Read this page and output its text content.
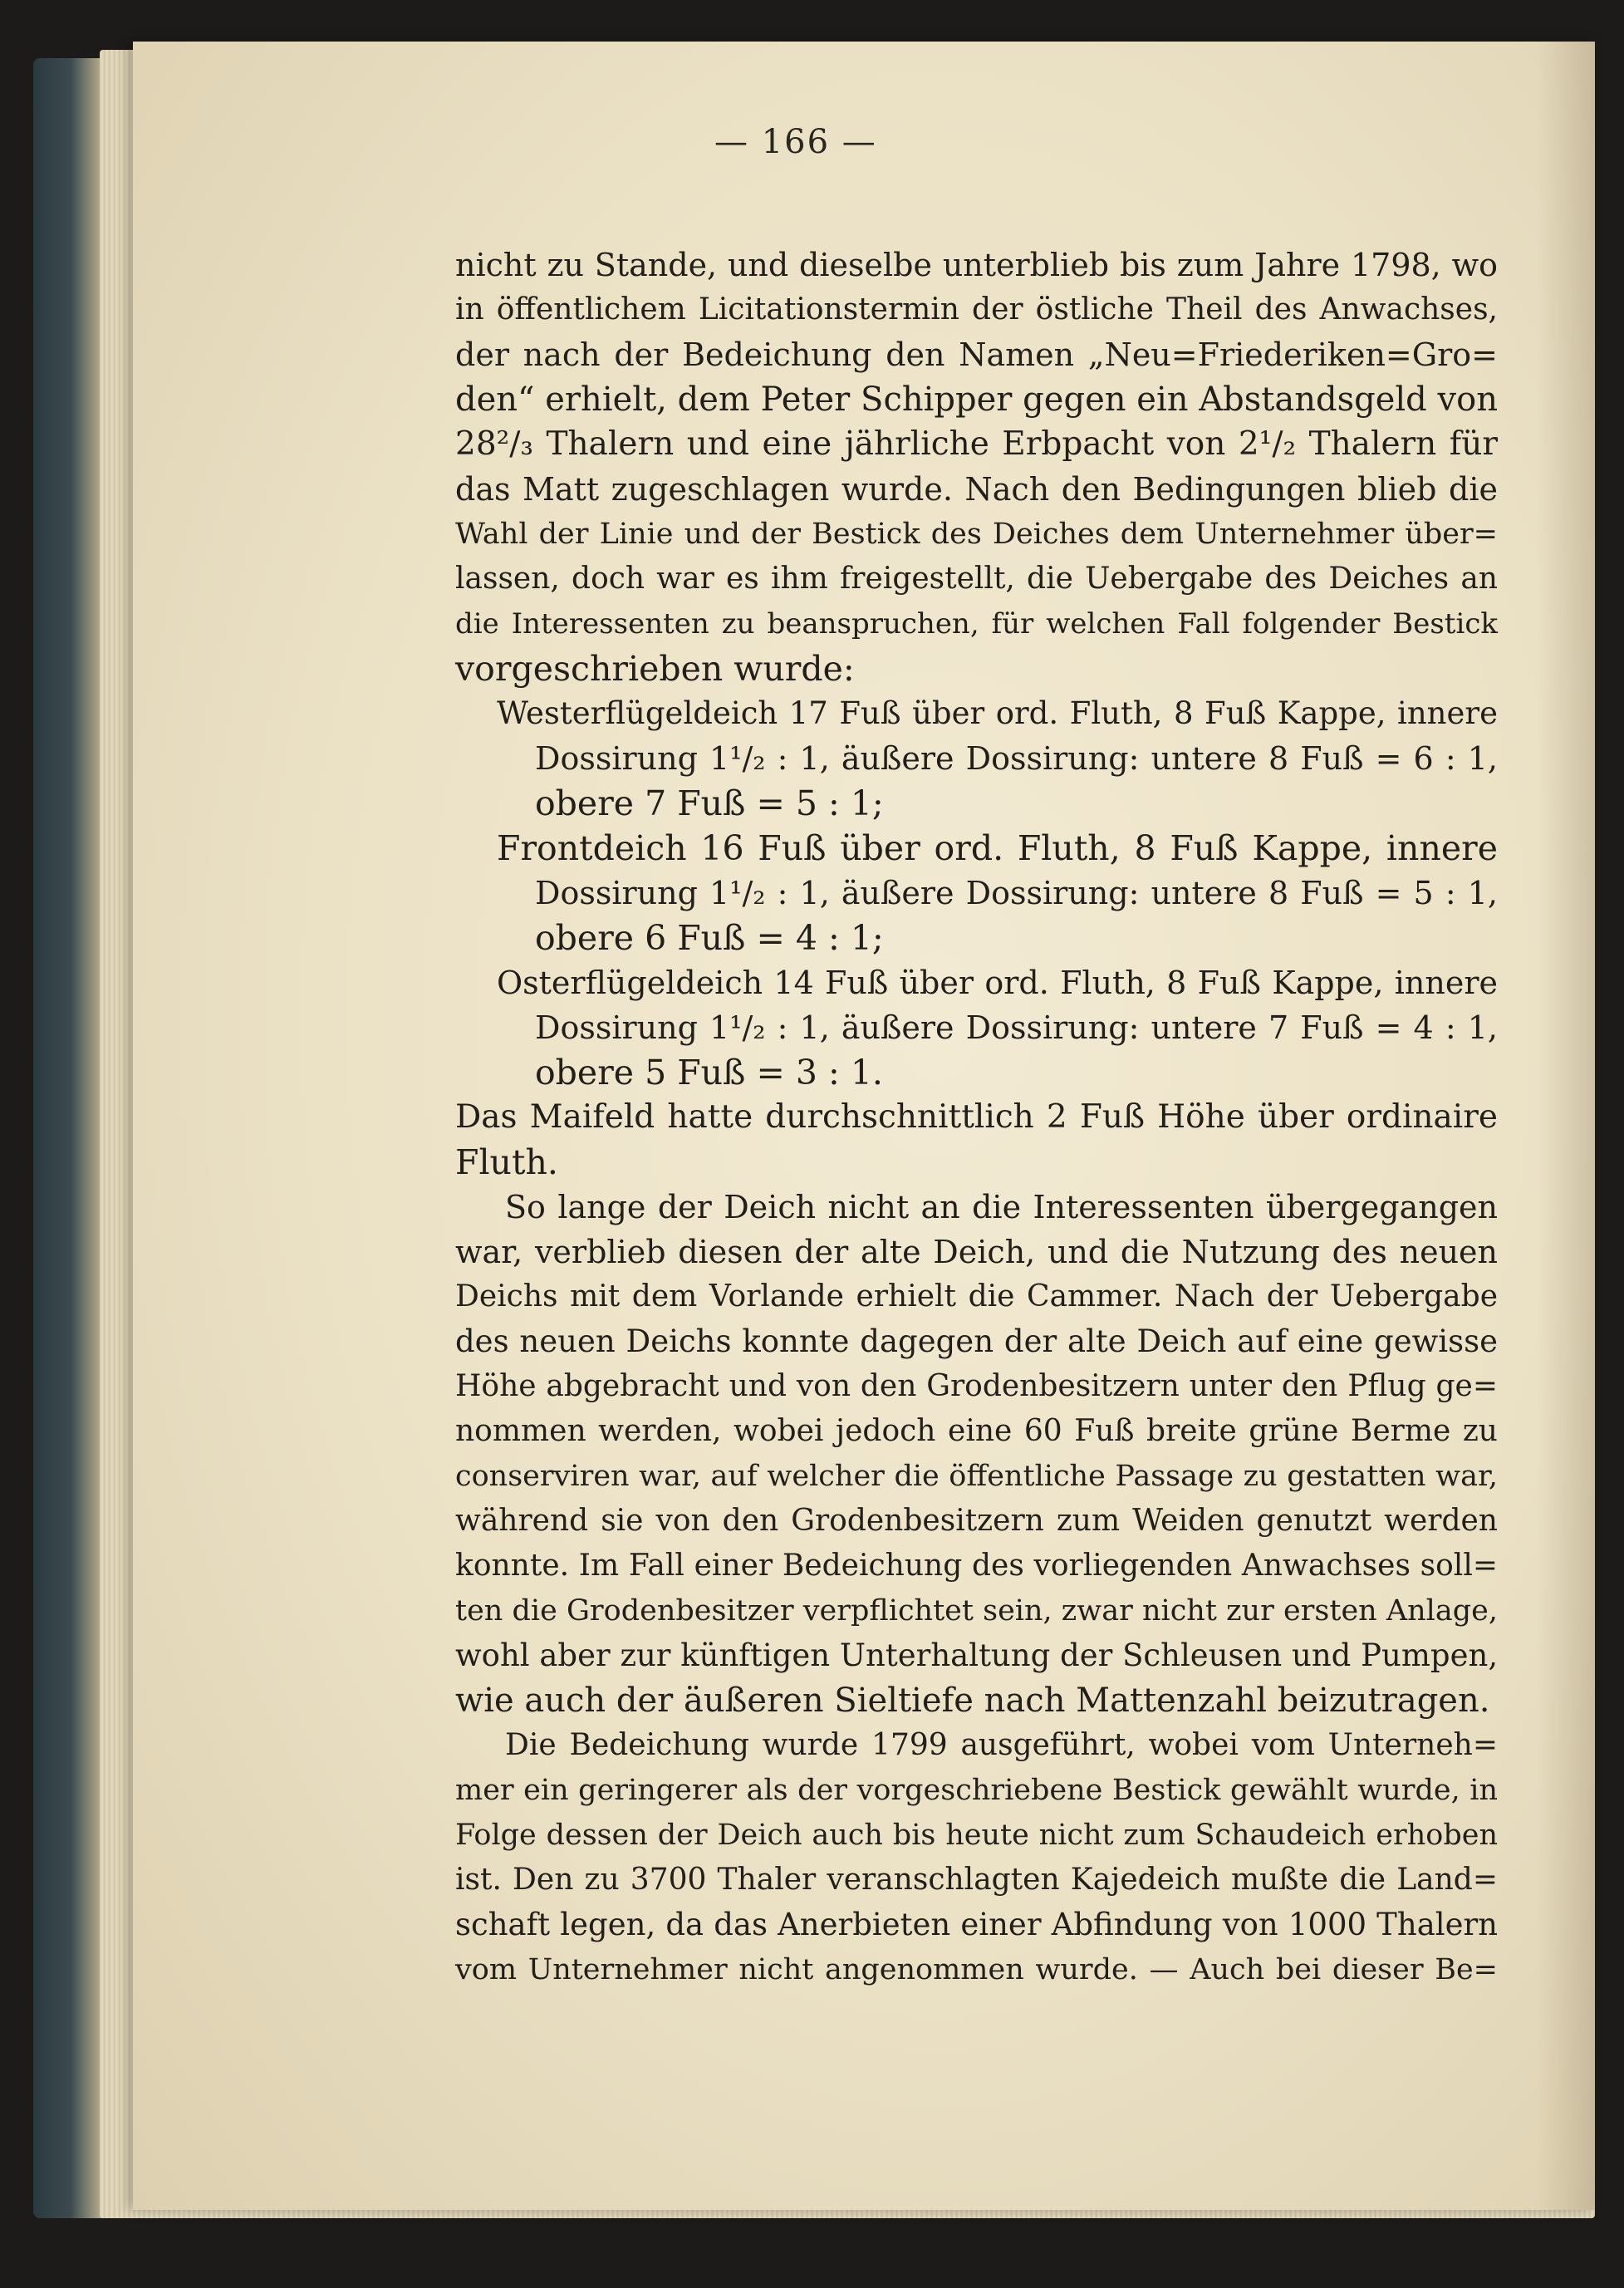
— 166 —
nicht zu Stande, und dieselbe unterblieb bis zum Jahre 1798, wo
in öffentlichem Licitationstermin der östliche Theil des Anwachses,
der nach der Bedeichung den Namen „Neu=Friederiken=Gro=
den“ erhielt, dem Peter Schipper gegen ein Abstandsgeld von
28²/₃ Thalern und eine jährliche Erbpacht von 2¹/₂ Thalern für
das Matt zugeschlagen wurde. Nach den Bedingungen blieb die
Wahl der Linie und der Bestick des Deiches dem Unternehmer über=
lassen, doch war es ihm freigestellt, die Uebergabe des Deiches an
die Interessenten zu beanspruchen, für welchen Fall folgender Bestick
vorgeschrieben wurde:
Westerflügeldeich 17 Fuß über ord. Fluth, 8 Fuß Kappe, innere
Dossirung 1¹/₂ : 1, äußere Dossirung: untere 8 Fuß = 6 : 1,
obere 7 Fuß = 5 : 1;
Frontdeich 16 Fuß über ord. Fluth, 8 Fuß Kappe, innere
Dossirung 1¹/₂ : 1, äußere Dossirung: untere 8 Fuß = 5 : 1,
obere 6 Fuß = 4 : 1;
Osterflügeldeich 14 Fuß über ord. Fluth, 8 Fuß Kappe, innere
Dossirung 1¹/₂ : 1, äußere Dossirung: untere 7 Fuß = 4 : 1,
obere 5 Fuß = 3 : 1.
Das Maifeld hatte durchschnittlich 2 Fuß Höhe über ordinaire
Fluth.
So lange der Deich nicht an die Interessenten übergegangen
war, verblieb diesen der alte Deich, und die Nutzung des neuen
Deichs mit dem Vorlande erhielt die Cammer. Nach der Uebergabe
des neuen Deichs konnte dagegen der alte Deich auf eine gewisse
Höhe abgebracht und von den Grodenbesitzern unter den Pflug ge=
nommen werden, wobei jedoch eine 60 Fuß breite grüne Berme zu
conserviren war, auf welcher die öffentliche Passage zu gestatten war,
während sie von den Grodenbesitzern zum Weiden genutzt werden
konnte. Im Fall einer Bedeichung des vorliegenden Anwachses soll=
ten die Grodenbesitzer verpflichtet sein, zwar nicht zur ersten Anlage,
wohl aber zur künftigen Unterhaltung der Schleusen und Pumpen,
wie auch der äußeren Sieltiefe nach Mattenzahl beizutragen.
Die Bedeichung wurde 1799 ausgeführt, wobei vom Unterneh=
mer ein geringerer als der vorgeschriebene Bestick gewählt wurde, in
Folge dessen der Deich auch bis heute nicht zum Schaudeich erhoben
ist. Den zu 3700 Thaler veranschlagten Kajedeich mußte die Land=
schaft legen, da das Anerbieten einer Abfindung von 1000 Thalern
vom Unternehmer nicht angenommen wurde. — Auch bei dieser Be=
